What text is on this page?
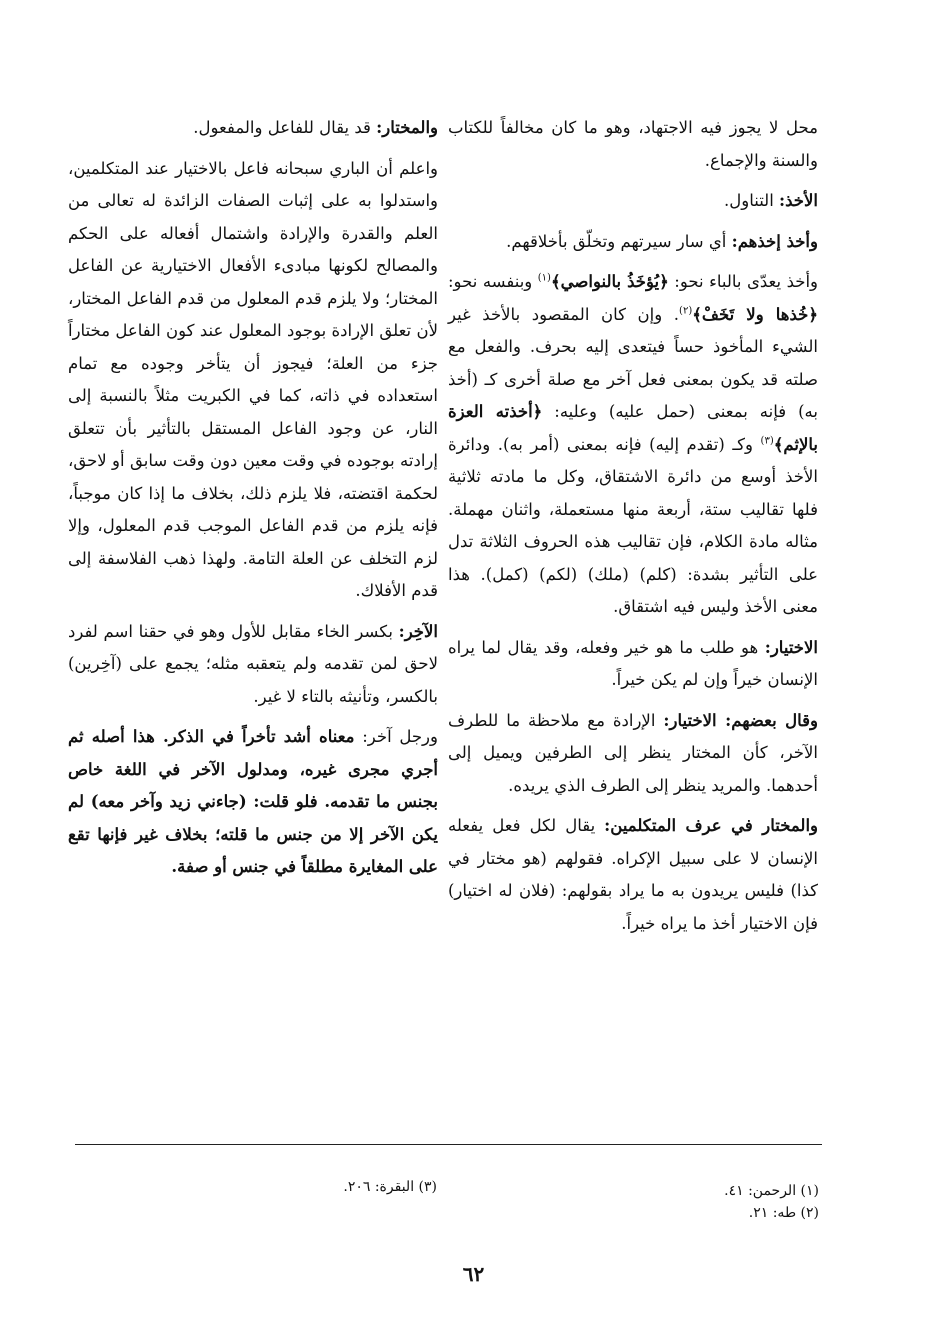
محل لا يجوز فيه الاجتهاد، وهو ما كان مخالفاً للكتاب والسنة والإجماع.

الأخذ: التناول.

وأخذ إخذهم: أي سار سيرتهم وتخلّق بأخلاقهم.

وأخذ يعدّى بالباء نحو: ﴿يُؤخَذُ بالنواصي﴾$^{(١)}$ وبنفسه نحو: ﴿خُذها ولا تَخَفْ﴾$^{(٢)}$. وإن كان المقصود بالأخذ غير الشيء المأخوذ حساً فيتعدى إليه بحرف. والفعل مع صلته قد يكون بمعنى فعل آخر مع صلة أخرى كـ (أخذ به) فإنه بمعنى (حمل عليه) وعليه: ﴿أخذته العزة بالإثم﴾$^{(٣)}$ وكـ (تقدم إليه) فإنه بمعنى (أمر به). ودائرة الأخذ أوسع من دائرة الاشتقاق، وكل ما مادته ثلاثية فلها تقاليب ستة، أربعة منها مستعملة، واثنان مهملة. مثاله مادة الكلام، فإن تقاليب هذه الحروف الثلاثة تدل على التأثير بشدة: (كلم) (ملك) (لكم) (كمل). هذا معنى الأخذ وليس فيه اشتقاق.

الاختيار: هو طلب ما هو خير وفعله، وقد يقال لما يراه الإنسان خيراً وإن لم يكن خيراً.

وقال بعضهم: الاختيار: الإرادة مع ملاحظة ما للطرف الآخر، كأن المختار ينظر إلى الطرفين ويميل إلى أحدهما. والمريد ينظر إلى الطرف الذي يريده.

والمختار في عرف المتكلمين: يقال لكل فعل يفعله الإنسان لا على سبيل الإكراه. فقولهم (هو مختار في كذا) فليس يريدون به ما يراد بقولهم: (فلان له اختيار) فإن الاختيار أخذ ما يراه خيراً.

والمختار: قد يقال للفاعل والمفعول.

واعلم أن الباري سبحانه فاعل بالاختيار عند المتكلمين، واستدلوا به على إثبات الصفات الزائدة له تعالى من العلم والقدرة والإرادة واشتمال أفعاله على الحكم والمصالح لكونها مبادىء الأفعال الاختيارية عن الفاعل المختار؛ ولا يلزم قدم المعلول من قدم الفاعل المختار، لأن تعلق الإرادة بوجود المعلول عند كون الفاعل مختاراً جزء من العلة؛ فيجوز أن يتأخر وجوده مع تمام استعداده في ذاته، كما في الكبريت مثلاً بالنسبة إلى النار، عن وجود الفاعل المستقل بالتأثير بأن تتعلق إرادته بوجوده في وقت معين دون وقت سابق أو لاحق، لحكمة اقتضته، فلا يلزم ذلك، بخلاف ما إذا كان موجباً، فإنه يلزم من قدم الفاعل الموجب قدم المعلول، وإلا لزم التخلف عن العلة التامة. ولهذا ذهب الفلاسفة إلى قدم الأفلاك.

الآخِر: بكسر الخاء مقابل للأول وهو في حقنا اسم لفرد لاحق لمن تقدمه ولم يتعقبه مثله؛ يجمع على (آخِرين) بالكسر، وتأنيثه بالتاء لا غير.

ورجل آخر: معناه أشد تأخراً في الذكر. هذا أصله ثم أجري مجرى غيره، ومدلول الآخر في اللغة خاص بجنس ما تقدمه. فلو قلت: (جاءني زيد وآخر معه) لم يكن الآخر إلا من جنس ما قلته؛ بخلاف غير فإنها تقع على المغايرة مطلقاً في جنس أو صفة.

(١) الرحمن: ٤١.
(٢) طه: ٢١.
(٣) البقرة: ٢٠٦.
٦٢
